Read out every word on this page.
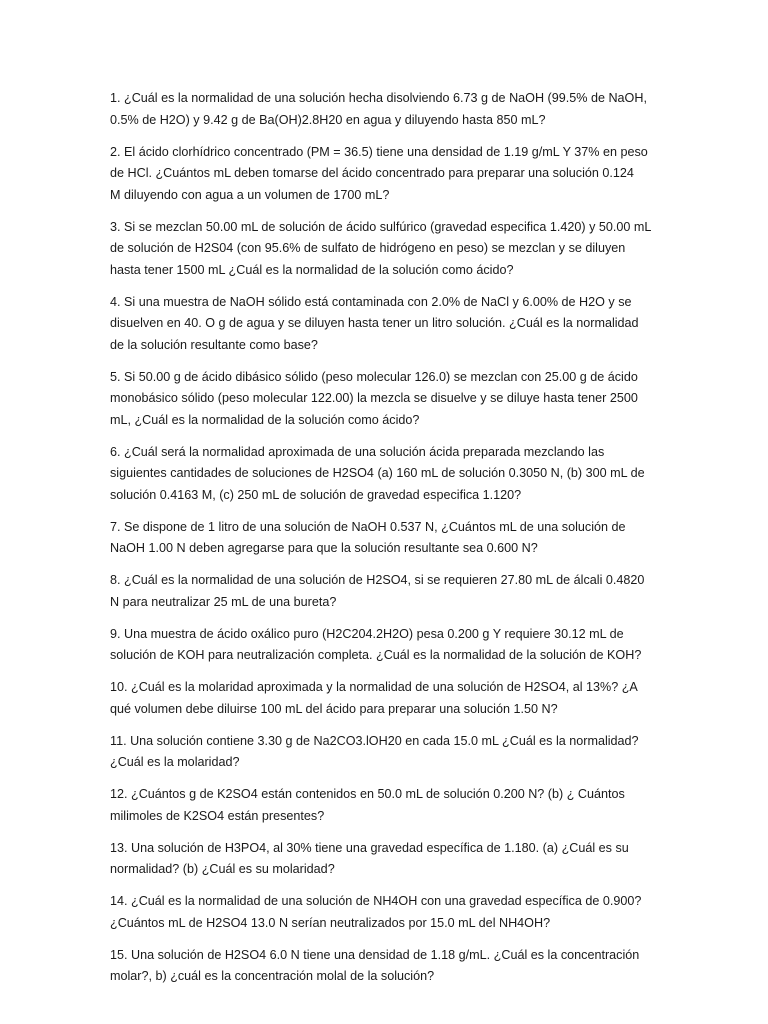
1. ¿Cuál es la normalidad de una solución hecha disolviendo 6.73 g de NaOH (99.5% de NaOH,
0.5% de H2O) y 9.42 g de Ba(OH)2.8H20 en agua y diluyendo hasta 850 mL?

2. El ácido clorhídrico concentrado (PM = 36.5) tiene una densidad de 1.19 g/mL Y 37% en peso
de HCl. ¿Cuántos mL deben tomarse del ácido concentrado para preparar una solución 0.124
M diluyendo con agua a un volumen de 1700 mL?

3. Si se mezclan 50.00 mL de solución de ácido sulfúrico (gravedad especifica 1.420) y 50.00 mL
de solución de H2S04 (con 95.6% de sulfato de hidrógeno en peso) se mezclan y se diluyen
hasta tener 1500 mL ¿Cuál es la normalidad de la solución como ácido?

4. Si una muestra de NaOH sólido está contaminada con 2.0% de NaCl y 6.00% de H2O y se
disuelven en 40. O g de agua y se diluyen hasta tener un litro solución. ¿Cuál es la normalidad
de la solución resultante como base?

5. Si 50.00 g de ácido dibásico sólido (peso molecular 126.0) se mezclan con 25.00 g de ácido
monobásico sólido (peso molecular 122.00) la mezcla se disuelve y se diluye hasta tener 2500
mL, ¿Cuál es la normalidad de la solución como ácido?

6. ¿Cuál será la normalidad aproximada de una solución ácida preparada mezclando las
siguientes cantidades de soluciones de H2SO4 (a) 160 mL de solución 0.3050 N, (b) 300 mL de
solución 0.4163 M, (c) 250 mL de solución de gravedad especifica 1.120?

7. Se dispone de 1 litro de una solución de NaOH 0.537 N, ¿Cuántos mL de una solución de
NaOH 1.00 N deben agregarse para que la solución resultante sea 0.600 N?

8. ¿Cuál es la normalidad de una solución de H2SO4, si se requieren 27.80 mL de álcali 0.4820
N para neutralizar 25 mL de una bureta?

9. Una muestra de ácido oxálico puro (H2C204.2H2O) pesa 0.200 g Y requiere 30.12 mL de
solución de KOH para neutralización completa. ¿Cuál es la normalidad de la solución de KOH?

10. ¿Cuál es la molaridad aproximada y la normalidad de una solución de H2SO4, al 13%? ¿A
qué volumen debe diluirse 100 mL del ácido para preparar una solución 1.50 N?

11. Una solución contiene 3.30 g de Na2CO3.lOH20 en cada 15.0 mL ¿Cuál es la normalidad?
¿Cuál es la molaridad?

12. ¿Cuántos g de K2SO4 están contenidos en 50.0 mL de solución 0.200 N? (b) ¿ Cuántos
milimoles de K2SO4 están presentes?

13. Una solución de H3PO4, al 30% tiene una gravedad específica de 1.180. (a) ¿Cuál es su
normalidad? (b) ¿Cuál es su molaridad?

14. ¿Cuál es la normalidad de una solución de NH4OH con una gravedad específica de 0.900?
¿Cuántos mL de H2SO4 13.0 N serían neutralizados por 15.0 mL del NH4OH?

15. Una solución de H2SO4 6.0 N tiene una densidad de 1.18 g/mL. ¿Cuál es la concentración
molar?, b) ¿cuál es la concentración molal de la solución?
